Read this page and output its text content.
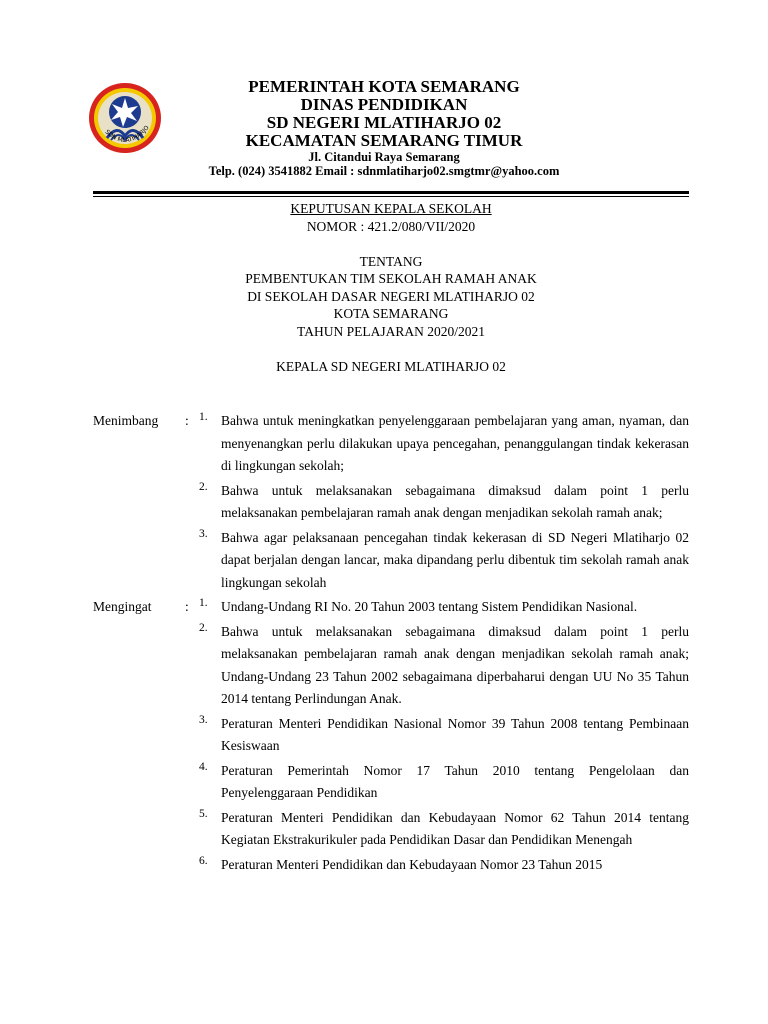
SDN MLATIHARJO
PEMERINTAH KOTA SEMARANG
DINAS PENDIDIKAN
SD NEGERI MLATIHARJO 02
KECAMATAN SEMARANG TIMUR
Jl. Citandui Raya Semarang
Telp. (024) 3541882 Email : sdnmlatiharjo02.smgtmr@yahoo.com
KEPUTUSAN KEPALA SEKOLAH
NOMOR : 421.2/080/VII/2020
TENTANG
PEMBENTUKAN TIM SEKOLAH RAMAH ANAK
DI SEKOLAH DASAR NEGERI MLATIHARJO 02
KOTA SEMARANG
TAHUN PELAJARAN 2020/2021
KEPALA SD NEGERI MLATIHARJO 02
Menimbang	: 1. Bahwa untuk meningkatkan penyelenggaraan pembelajaran yang aman, nyaman, dan menyenangkan perlu dilakukan upaya pencegahan, penanggulangan tindak kekerasan di lingkungan sekolah;
2. Bahwa untuk melaksanakan sebagaimana dimaksud dalam point 1 perlu melaksanakan pembelajaran ramah anak dengan menjadikan sekolah ramah anak;
3. Bahwa agar pelaksanaan pencegahan tindak kekerasan di SD Negeri Mlatiharjo 02 dapat berjalan dengan lancar, maka dipandang perlu dibentuk tim sekolah ramah anak lingkungan sekolah
Mengingat	: 1. Undang-Undang RI No. 20 Tahun 2003 tentang Sistem Pendidikan Nasional.
2. Bahwa untuk melaksanakan sebagaimana dimaksud dalam point 1 perlu melaksanakan pembelajaran ramah anak dengan menjadikan sekolah ramah anak; Undang-Undang 23 Tahun 2002 sebagaimana diperbaharui dengan UU No 35 Tahun 2014 tentang Perlindungan Anak.
3. Peraturan Menteri Pendidikan Nasional Nomor 39 Tahun 2008 tentang Pembinaan Kesiswaan
4. Peraturan Pemerintah Nomor 17 Tahun 2010 tentang Pengelolaan dan Penyelenggaraan Pendidikan
5. Peraturan Menteri Pendidikan dan Kebudayaan Nomor 62 Tahun 2014 tentang Kegiatan Ekstrakurikuler pada Pendidikan Dasar dan Pendidikan Menengah
6. Peraturan Menteri Pendidikan dan Kebudayaan Nomor 23 Tahun 2015
